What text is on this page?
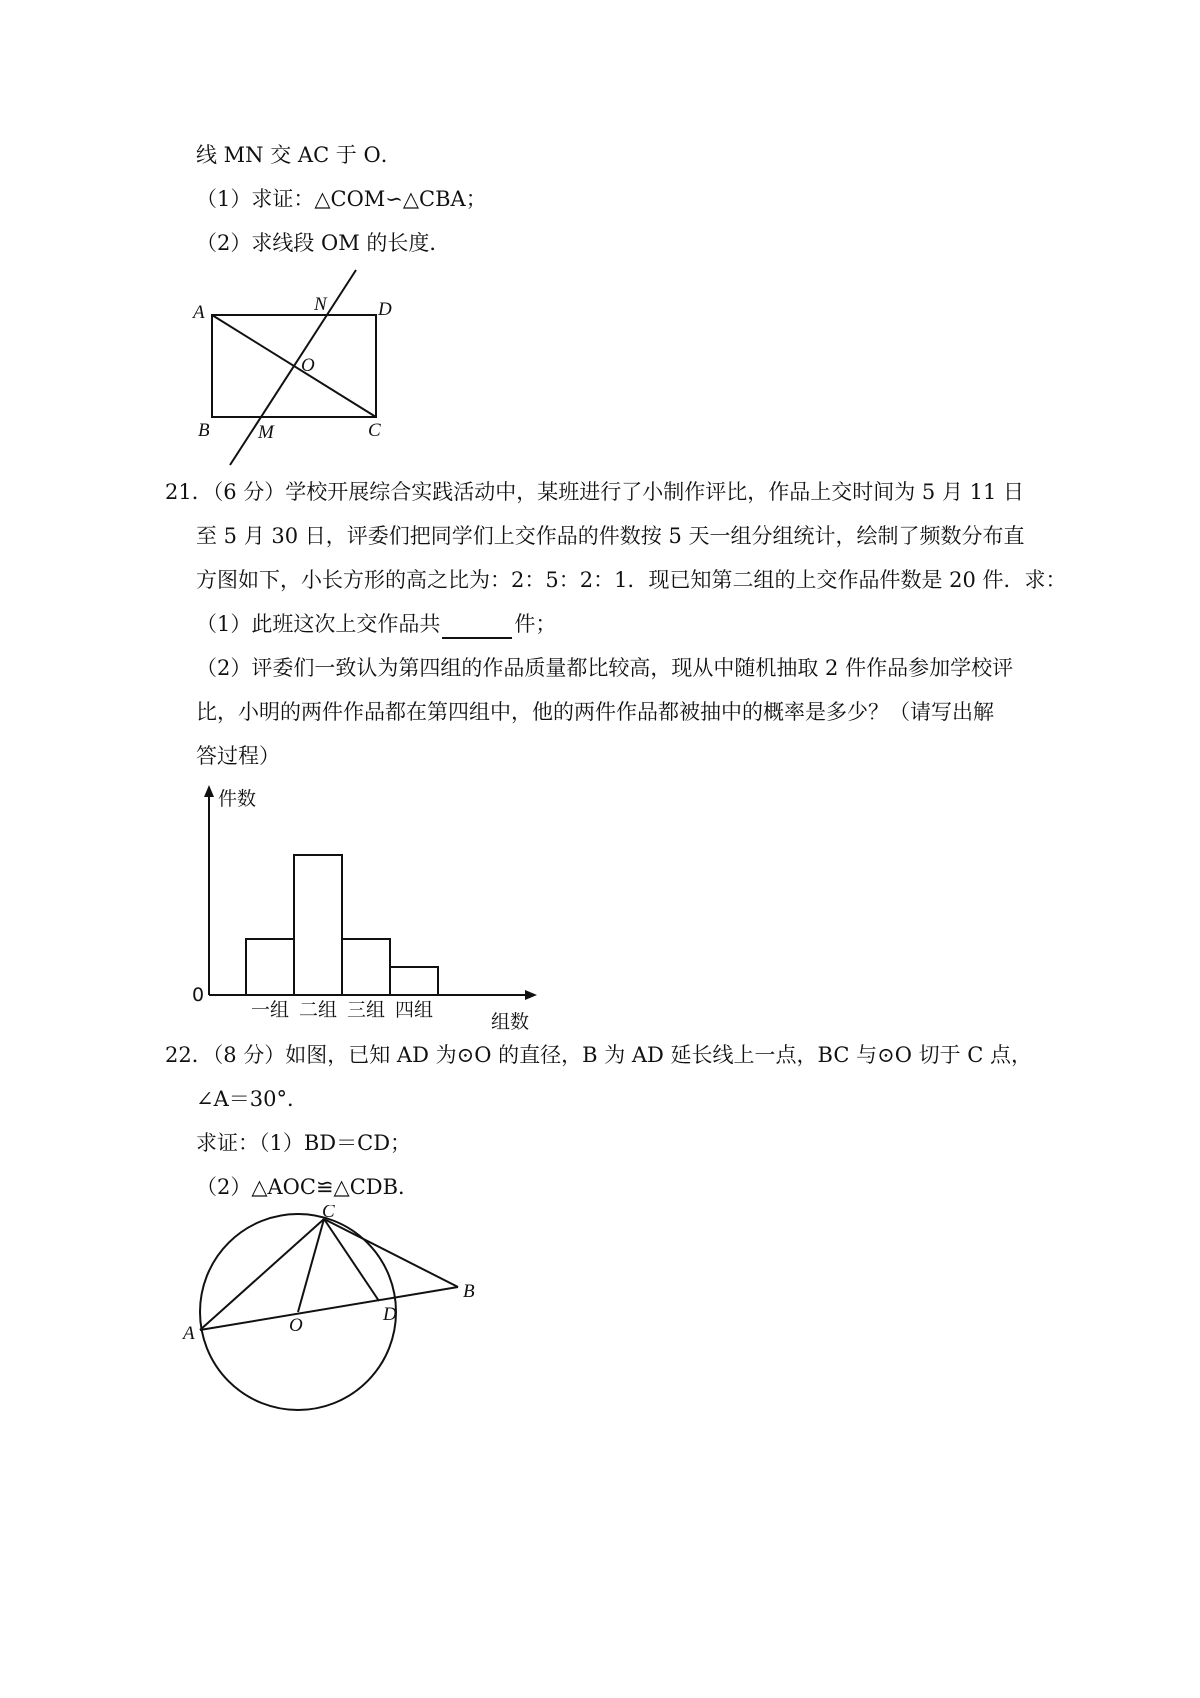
线 MN 交 AC 于 O．
（1）求证：△COM∽△CBA；
（2）求线段 OM 的长度．
A
B	C
D
N
O
M
21．（6 分）学校开展综合实践活动中，某班进行了小制作评比，作品上交时间为 5 月 11 日
至 5 月 30 日，评委们把同学们上交作品的件数按 5 天一组分组统计，绘制了频数分布直
方图如下，小长方形的高之比为：2：5：2：1．现已知第二组的上交作品件数是 20 件．求：
（1）此班这次上交作品共	件；
（2）评委们一致认为第四组的作品质量都比较高，现从中随机抽取 2 件作品参加学校评
比，小明的两件作品都在第四组中，他的两件作品都被抽中的概率是多少？（请写出解
答过程）
件数
组数
0
一组 二组 三组 四组
22．（8 分）如图，已知 AD 为⊙O 的直径，B 为 AD 延长线上一点，BC 与⊙O 切于 C 点，
∠A＝30°．
求证：（1）BD＝CD；
（2）△AOC≌△CDB．
A
C
B
D
O
